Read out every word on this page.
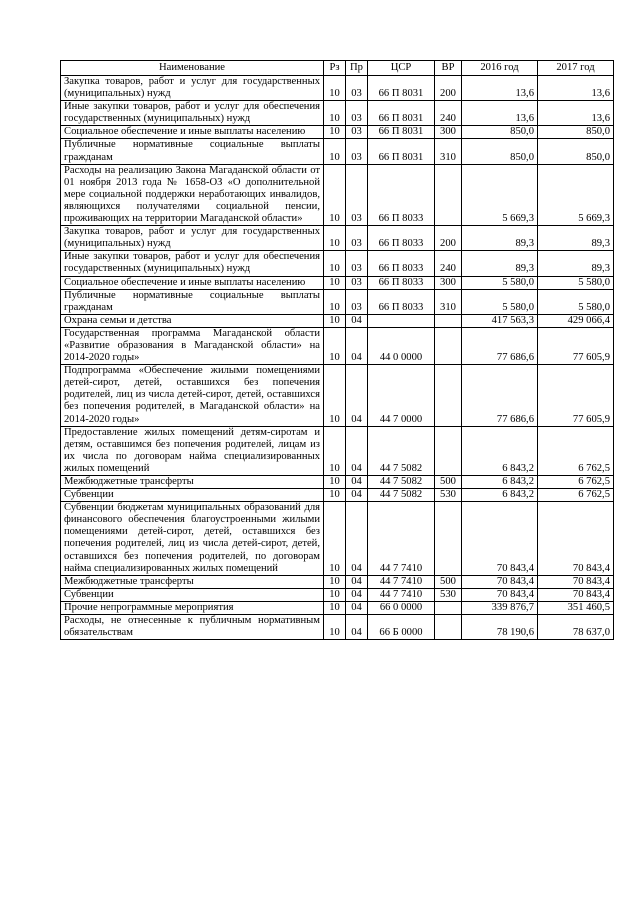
Наименование	Рз	Пр	ЦСР	ВР	2016 год	2017 год
Закупка товаров, работ и услуг для государственных (муниципальных) нужд	10	03	66 П 8031	200	13,6	13,6
Иные закупки товаров, работ и услуг для обеспечения государственных (муниципальных) нужд	10	03	66 П 8031	240	13,6	13,6
Социальное обеспечение и иные выплаты населению	10	03	66 П 8031	300	850,0	850,0
Публичные нормативные социальные выплаты гражданам	10	03	66 П 8031	310	850,0	850,0
Расходы на реализацию Закона Магаданской области от 01 ноября 2013 года № 1658-ОЗ «О дополнительной мере социальной поддержки неработающих инвалидов, являющихся получателями социальной пенсии, проживающих на территории Магаданской области»	10	03	66 П 8033		5 669,3	5 669,3
Закупка товаров, работ и услуг для государственных (муниципальных) нужд	10	03	66 П 8033	200	89,3	89,3
Иные закупки товаров, работ и услуг для обеспечения государственных (муниципальных) нужд	10	03	66 П 8033	240	89,3	89,3
Социальное обеспечение и иные выплаты населению	10	03	66 П 8033	300	5 580,0	5 580,0
Публичные нормативные социальные выплаты гражданам	10	03	66 П 8033	310	5 580,0	5 580,0
Охрана семьи и детства	10	04			417 563,3	429 066,4
Государственная программа Магаданской области «Развитие образования в Магаданской области» на 2014-2020 годы»	10	04	44 0 0000		77 686,6	77 605,9
Подпрограмма «Обеспечение жилыми помещениями детей-сирот, детей, оставшихся без попечения родителей, лиц из числа детей-сирот, детей, оставшихся без попечения родителей, в Магаданской области» на 2014-2020 годы»	10	04	44 7 0000		77 686,6	77 605,9
Предоставление жилых помещений детям-сиротам и детям, оставшимся без попечения родителей, лицам из их числа по договорам найма специализированных жилых помещений	10	04	44 7 5082		6 843,2	6 762,5
Межбюджетные трансферты	10	04	44 7 5082	500	6 843,2	6 762,5
Субвенции	10	04	44 7 5082	530	6 843,2	6 762,5
Субвенции бюджетам муниципальных образований для финансового обеспечения благоустроенными жилыми помещениями детей-сирот, детей, оставшихся без попечения родителей, лиц из числа детей-сирот, детей, оставшихся без попечения родителей, по договорам найма специализированных жилых помещений	10	04	44 7 7410		70 843,4	70 843,4
Межбюджетные трансферты	10	04	44 7 7410	500	70 843,4	70 843,4
Субвенции	10	04	44 7 7410	530	70 843,4	70 843,4
Прочие непрограммные мероприятия	10	04	66 0 0000		339 876,7	351 460,5
Расходы, не отнесенные к публичным нормативным обязательствам	10	04	66 Б 0000		78 190,6	78 637,0
